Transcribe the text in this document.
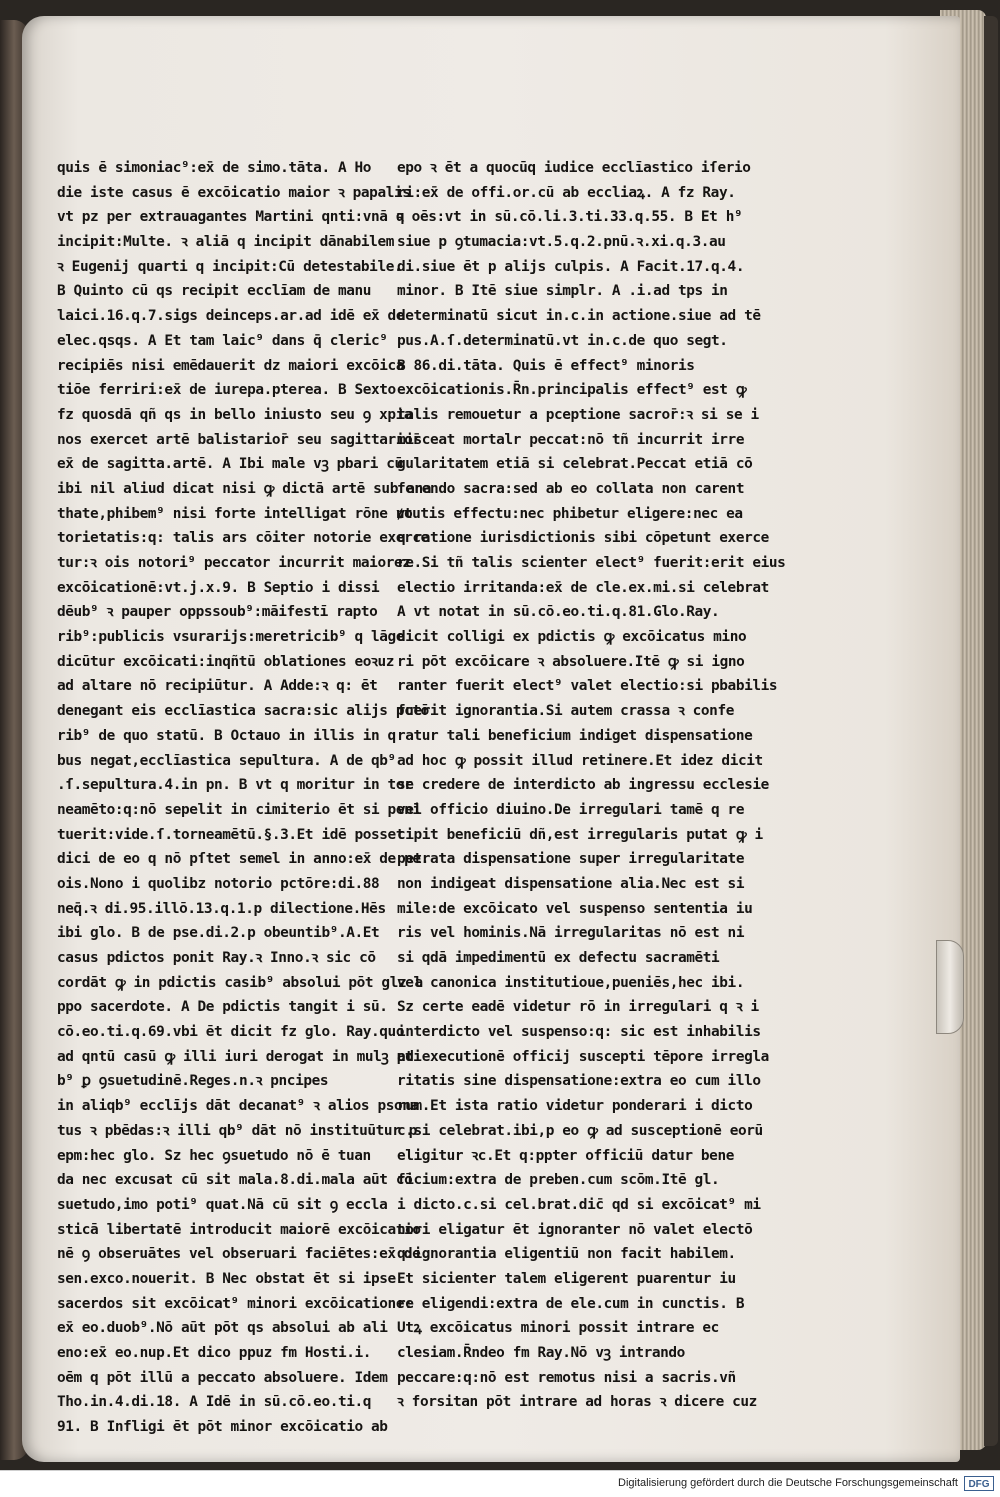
quis ē simoniac⁹:ex̄ de simo.tāta. A Ho
die iste casus ē excōicatio maior ꝛ papalis
vt pz per extrauagantes Martini qnti:vnā q
incipit:Multe. ꝛ aliā q incipit dānabilem
ꝛ Eugenij quarti q incipit:Cū detestabile.
B Quinto cū qs recipit ecclīam de manu
laici.16.q.7.sigs deinceps.ar.ad idē ex̄ de
elec.qsqs. A Et tam laic⁹ dans q̄ cleric⁹
recipiēs nisi emēdauerit dz maiori excōica
tiōe ferriri:ex̄ de iurepa.pterea. B Sexto
fz quosdā qñ qs in bello iniusto seu ꝯ xpia
nos exercet artē balistarior̄ seu sagittarior̄
ex̄ de sagitta.artē. A Ibi male vꝫ pbari cū
ibi nil aliud dicat nisi ꝙ dictā artē sub ana
thate,phibem⁹ nisi forte intelligat rōne no
torietatis:q: talis ars cōiter notorie exerce
tur:ꝛ ois notori⁹ peccator incurrit maiorez
excōicationē:vt.j.x.9. B Septio i dissi
dēub⁹ ꝛ pauper oppssoub⁹:māifestī rapto
rib⁹:publicis vsurarijs:meretricib⁹ q lāge
dicūtur excōicati:inqñtū oblationes eoꝛuz
ad altare nō recipiūtur. A Adde:ꝛ q: ēt
denegant eis ecclīastica sacra:sic alijs pctō
rib⁹ de quo statū. B Octauo in illis in q
bus negat,ecclīastica sepultura. A de qb⁹
.ſ.sepultura.4.in pn. B vt q moritur in tor
neamēto:q:nō sepelit in cimiterio ēt si peni
tuerit:vide.ſ.torneamētū.§.3.Et idē posset
dici de eo q nō pſtet semel in anno:ex̄ de pe.
ois.Nono i quolibz notorio pctōre:di.88
neq̄.ꝛ di.95.illō.13.q.1.p dilectione.Hēs
ibi glo. B de pse.di.2.p obeuntib⁹.A.Et
casus pdictos ponit Ray.ꝛ Inno.ꝛ sic cō
cordāt ꝙ in pdictis casib⁹ absolui pōt glz a
ppo sacerdote. A De pdictis tangit i sū.
cō.eo.ti.q.69.vbi ēt dicit fz glo. Ray.quo
ad qntū casū ꝙ illi iuri derogat in mulꝫ pti
b⁹ ꝑ ꝯsuetudinē.Reges.n.ꝛ pncipes
in aliqb⁹ ecclījs dāt decanat⁹ ꝛ alios psona
tus ꝛ pbēdas:ꝛ illi qb⁹ dāt nō instituūtur p
epm:hec glo. Sz hec ꝯsuetudo nō ē tuan
da nec excusat cū sit mala.8.di.mala aūt cō
suetudo,imo poti⁹ quat.Nā cū sit ꝯ eccla
sticā libertatē introducit maiorē excōicatio
nē ꝯ obseruātes vel obseruari faciētes:ex̄ de
sen.exco.nouerit. B Nec obstat ēt si ipse
sacerdos sit excōicat⁹ minori excōicatione:
ex̄ eo.duob⁹.Nō aūt pōt qs absolui ab ali
eno:ex̄ eo.nup.Et dico ppuz fm Hosti.i.
oēm q pōt illū a peccato absoluere. Idem
Tho.in.4.di.18. A Idē in sū.cō.eo.ti.q
91. B Infligi ēt pōt minor excōicatio ab
epo ꝛ ēt a quocūq iudice ecclīastico iſerio
ri:ex̄ de offi.or.cū ab eccliaꝝ. A fz Ray.
ꝛ oēs:vt in sū.cō.li.3.ti.33.q.55. B Et h⁹
siue p ꝯtumacia:vt.5.q.2.pnū.ꝛ.xi.q.3.au
di.siue ēt p alijs culpis. A Facit.17.q.4.
minor. B Itē siue simplr. A .i.ad tps in
determinatū sicut in.c.in actione.siue ad tē
pus.A.ſ.determinatū.vt in.c.de quo segt.
B 86.di.tāta. Quis ē effect⁹ minoris
excōicationis.R̄n.principalis effect⁹ est ꝙ
talis remouetur a pceptione sacror̄:ꝛ si se i
misceat mortalr peccat:nō tñ incurrit irre
gularitatem etiā si celebrat.Peccat etiā cō
ferendo sacra:sed ab eo collata non carent
ꝟtutis effectu:nec phibetur eligere:nec ea
q ratione iurisdictionis sibi cōpetunt exerce
re.Si tñ talis scienter elect⁹ fuerit:erit eius
electio irritanda:ex̄ de cle.ex.mi.si celebrat
A vt notat in sū.cō.eo.ti.q.81.Glo.Ray.
dicit colligi ex pdictis ꝙ excōicatus mino
ri pōt excōicare ꝛ absoluere.Itē ꝙ si igno
ranter fuerit elect⁹ valet electio:si pbabilis
fuerit ignorantia.Si autem crassa ꝛ confe
ratur tali beneficium indiget dispensatione
ad hoc ꝙ possit illud retinere.Et idez dicit
se credere de interdicto ab ingressu ecclesie
vel officio diuino.De irregulari tamē q re
cipit beneficiū dñ,est irregularis putat ꝙ i
petrata dispensatione super irregularitate
non indigeat dispensatione alia.Nec est si
mile:de excōicato vel suspenso sententia iu
ris vel hominis.Nā irregularitas nō est ni
si qdā impedimentū ex defectu sacramēti
vel canonica institutioue,pueniēs,hec ibi.
Sz certe eadē videtur rō in irregulari q ꝛ i
interdicto vel suspenso:q: sic est inhabilis
ad executionē officij suscepti tēpore irregla
ritatis sine dispensatione:extra eo cum illo
rum.Et ista ratio videtur ponderari i dicto
c.si celebrat.ibi,p eo ꝙ ad susceptionē eorū
eligitur ꝛc.Et q:ppter officiū datur bene
ficium:extra de preben.cum scōm.Itē gl.
i dicto.c.si cel.brat.dic̄ qd si excōicat⁹ mi
nori eligatur ēt ignoranter nō valet electō
q:ignorantia eligentiū non facit habilem.
Et sicienter talem eligerent puarentur iu
re eligendi:extra de ele.cum in cunctis. B
Utꝝ excōicatus minori possit intrare ec
clesiam.R̄ndeo fm Ray.Nō vꝫ intrando
peccare:q:nō est remotus nisi a sacris.vñ
ꝛ forsitan pōt intrare ad horas ꝛ dicere cuz
Digitalisierung gefördert durch die Deutsche Forschungsgemeinschaft	DFG
